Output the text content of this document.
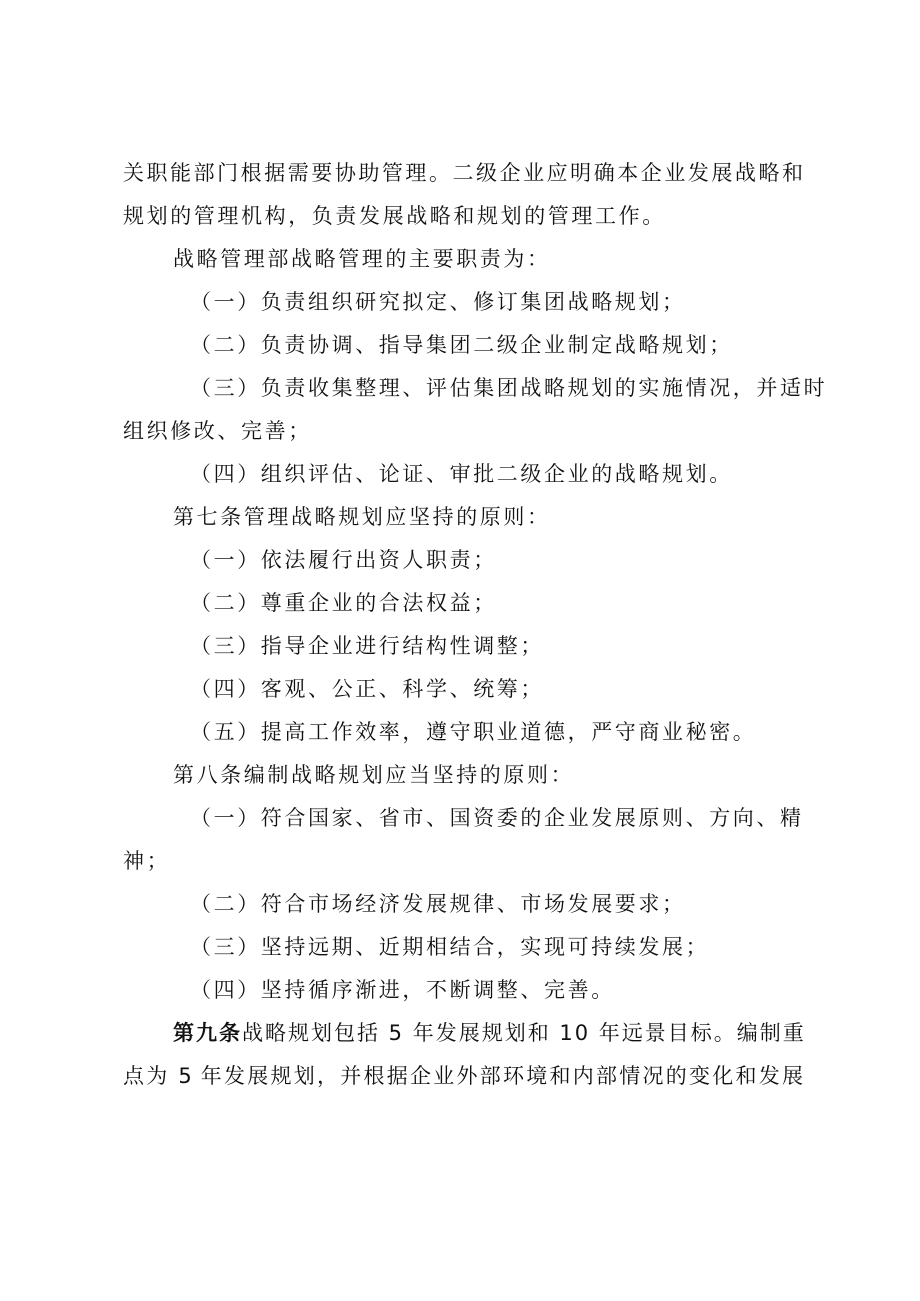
关职能部门根据需要协助管理。二级企业应明确本企业发展战略和
规划的管理机构，负责发展战略和规划的管理工作。
战略管理部战略管理的主要职责为：
（一）负责组织研究拟定、修订集团战略规划；
（二）负责协调、指导集团二级企业制定战略规划；
（三）负责收集整理、评估集团战略规划的实施情况，并适时
组织修改、完善；
（四）组织评估、论证、审批二级企业的战略规划。
第七条管理战略规划应坚持的原则：
（一）依法履行出资人职责；
（二）尊重企业的合法权益；
（三）指导企业进行结构性调整；
（四）客观、公正、科学、统筹；
（五）提高工作效率，遵守职业道德，严守商业秘密。
第八条编制战略规划应当坚持的原则：
（一）符合国家、省市、国资委的企业发展原则、方向、精
神；
（二）符合市场经济发展规律、市场发展要求；
（三）坚持远期、近期相结合，实现可持续发展；
（四）坚持循序渐进，不断调整、完善。
第九条战略规划包括 5 年发展规划和 10 年远景目标。编制重
点为 5 年发展规划，并根据企业外部环境和内部情况的变化和发展
